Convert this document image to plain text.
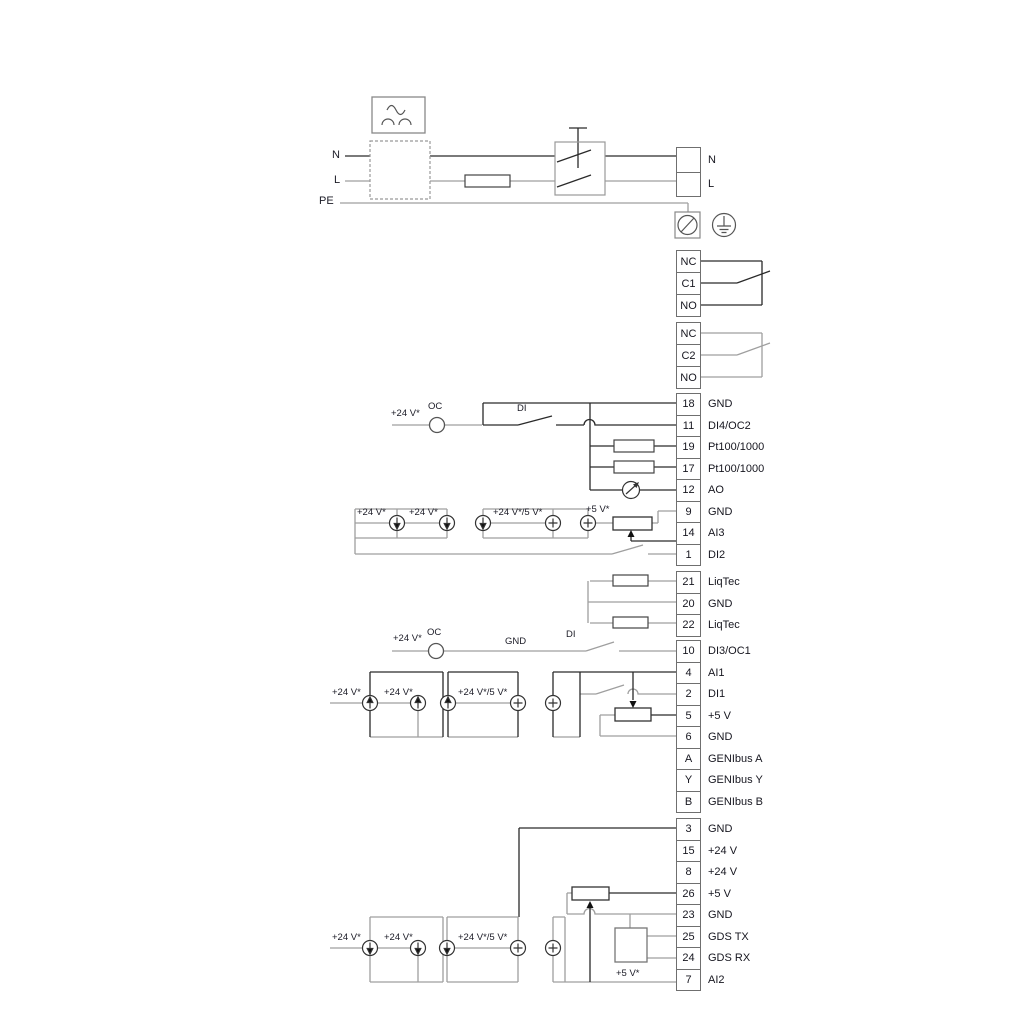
N
L
NC
C1
NO
NC
C2
NO
18	GND
11	DI4/OC2
19	Pt100/1000
17	Pt100/1000
12	AO
9	GND
14	AI3
1	DI2
21	LiqTec
20	GND
22	LiqTec
10	DI3/OC1
4	AI1
2	DI1
5	+5 V
6	GND
A	GENIbus A
Y	GENIbus Y
B	GENIbus B
3	GND
15	+24 V
8	+24 V
26	+5 V
23	GND
25	GDS TX
24	GDS RX
7	AI2
N
L
PE
+24 V*
OC	DI
+24 V* +24 V*	+24 V*/5 V*	+5 V*
+24 V*
OC
GND
DI
+24 V* +24 V*	+24 V*/5 V*
+24 V* +24 V*	+24 V*/5 V*
+5 V*
